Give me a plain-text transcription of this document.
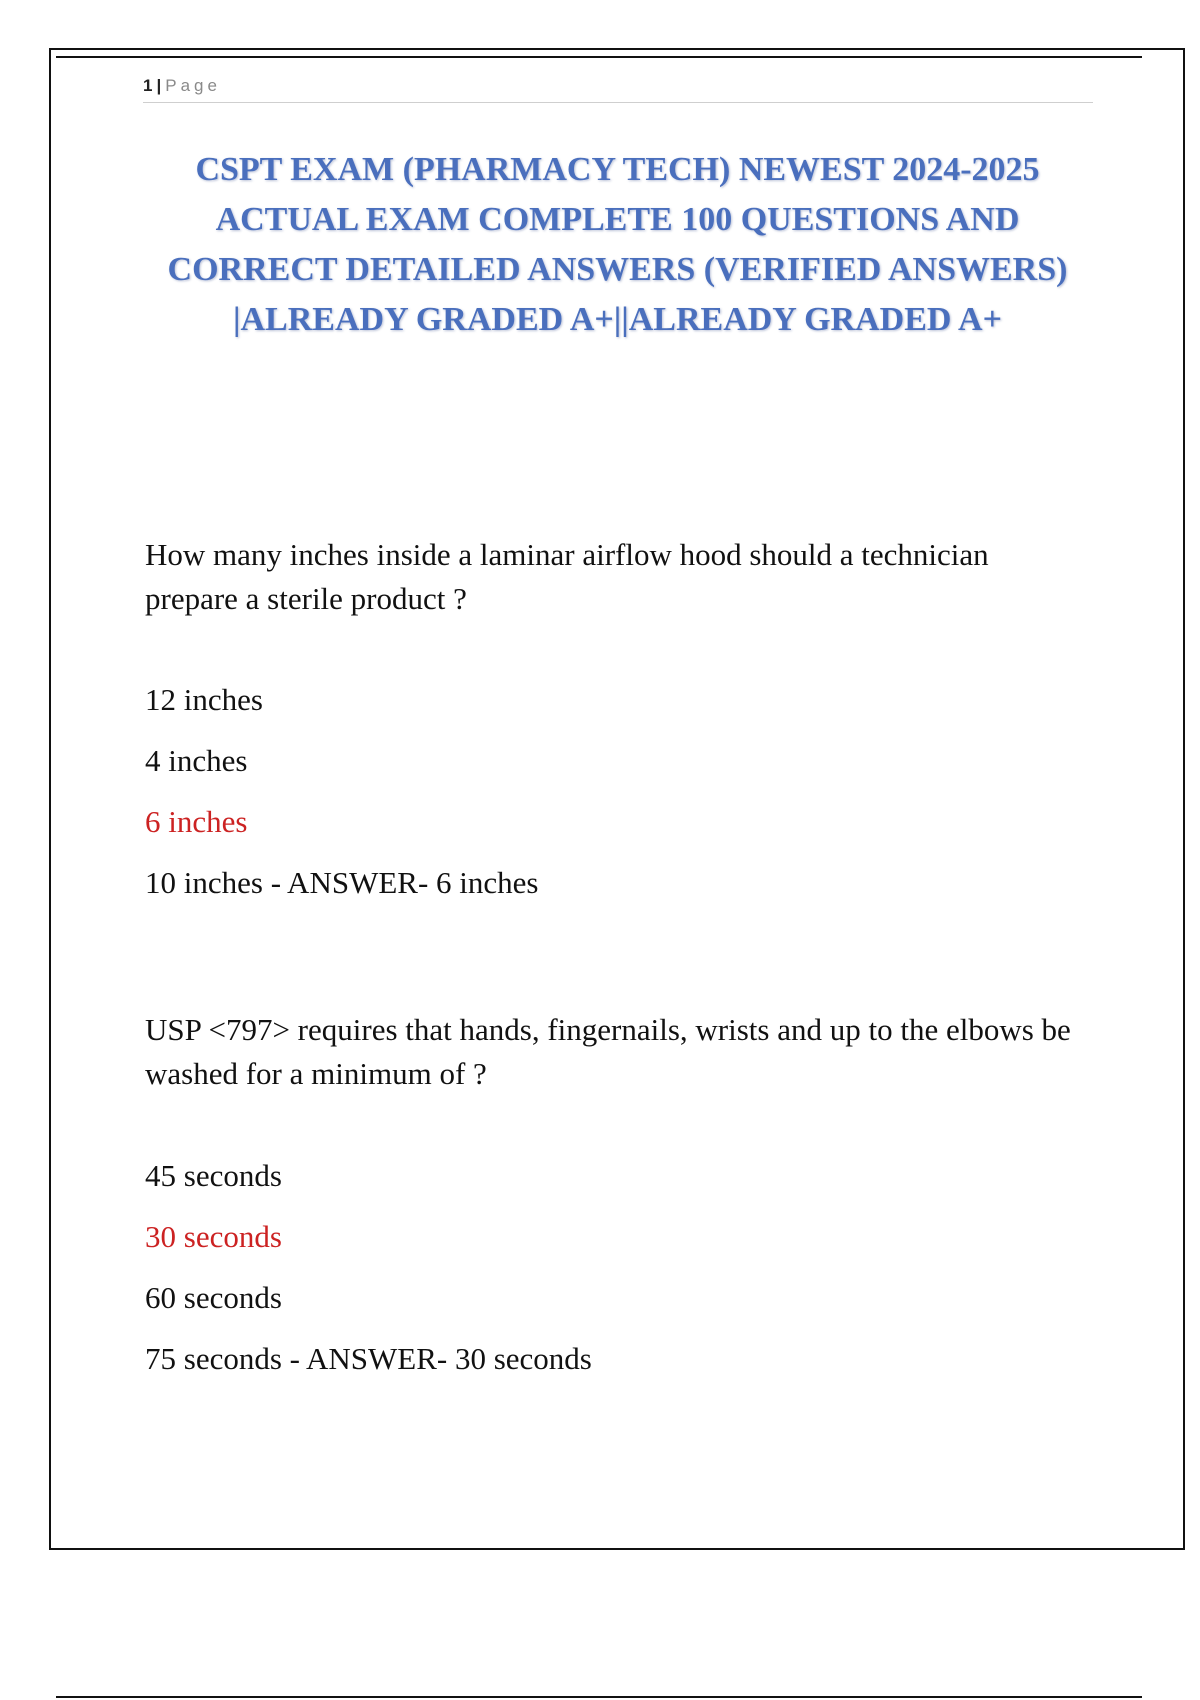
1 | Page
CSPT EXAM (PHARMACY TECH) NEWEST 2024-2025 ACTUAL EXAM COMPLETE 100 QUESTIONS AND CORRECT DETAILED ANSWERS (VERIFIED ANSWERS) |ALREADY GRADED A+||ALREADY GRADED A+

How many inches inside a laminar airflow hood should a technician prepare a sterile product ?

12 inches
4 inches
6 inches
10 inches - ANSWER- 6 inches

USP <797> requires that hands, fingernails, wrists and up to the elbows be washed for a minimum of ?

45 seconds
30 seconds
60 seconds
75 seconds - ANSWER- 30 seconds
